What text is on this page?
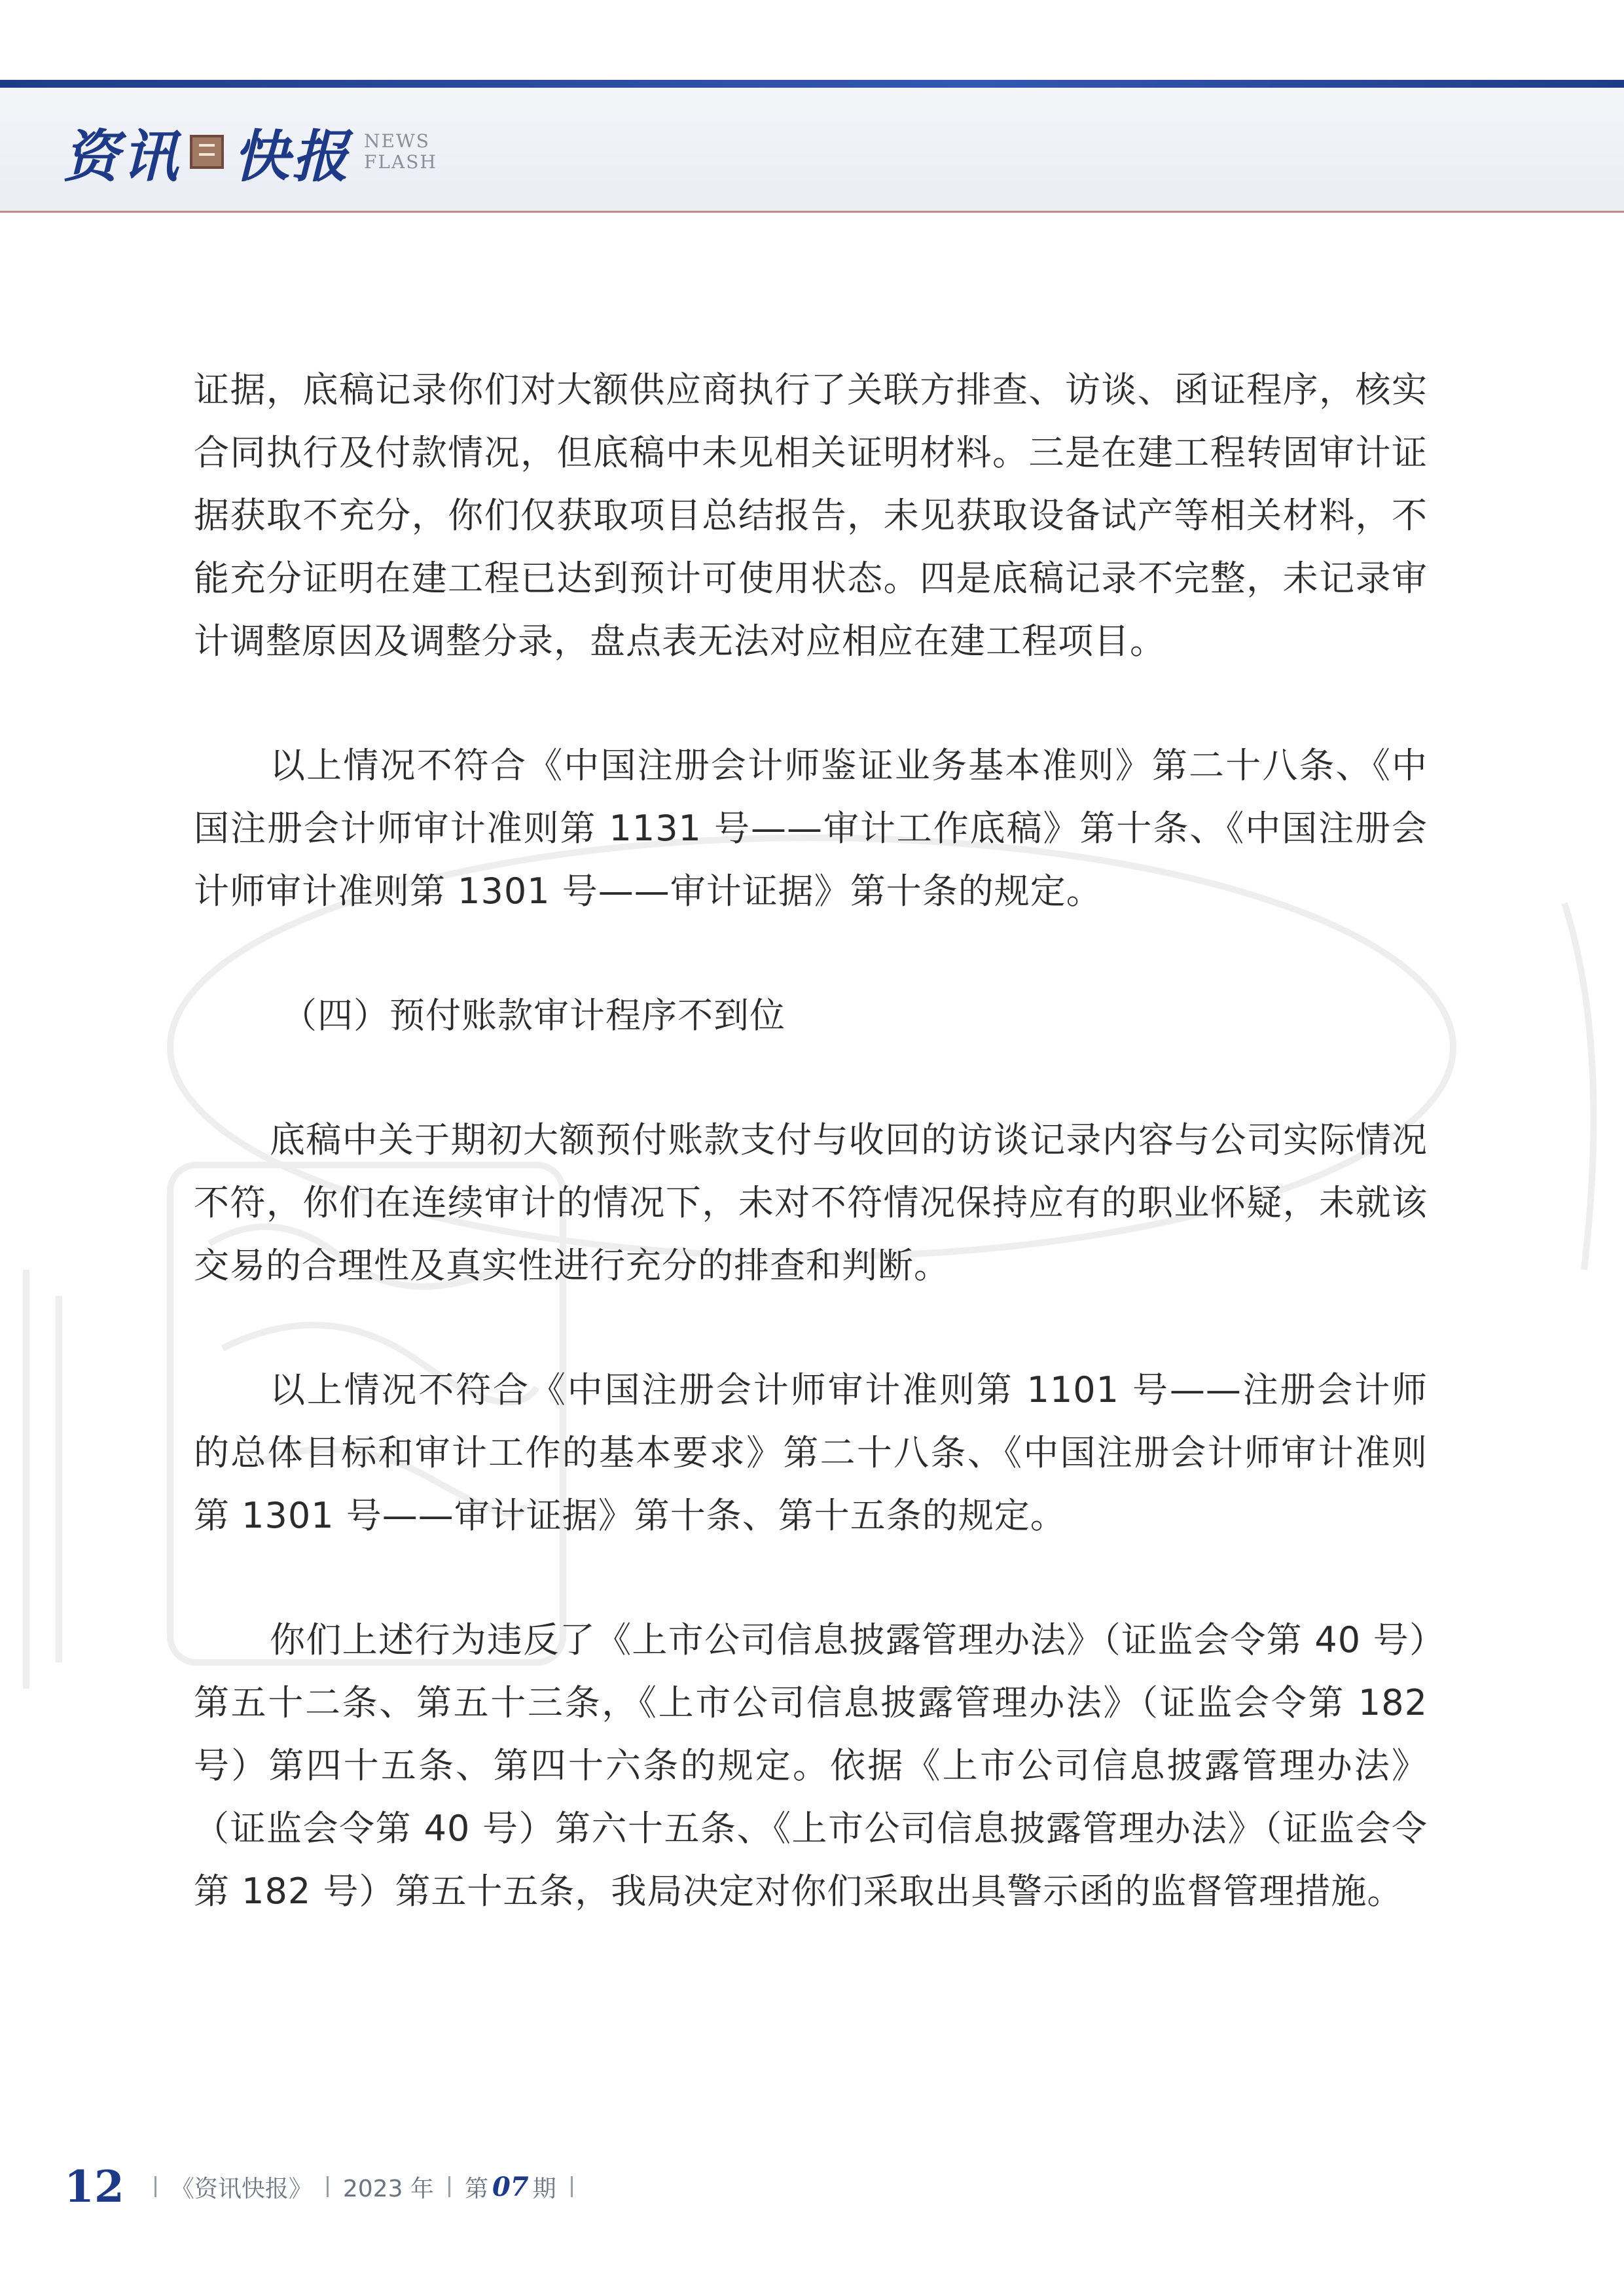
资讯 快报 NEWS
FLASH

证据，底稿记录你们对大额供应商执行了关联方排查、访谈、函证程序，核实合同执行及付款情况，但底稿中未见相关证明材料。三是在建工程转固审计证据获取不充分，你们仅获取项目总结报告，未见获取设备试产等相关材料，不能充分证明在建工程已达到预计可使用状态。四是底稿记录不完整，未记录审计调整原因及调整分录，盘点表无法对应相应在建工程项目。

以上情况不符合《中国注册会计师鉴证业务基本准则》第二十八条、《中国注册会计师审计准则第 1131 号——审计工作底稿》第十条、《中国注册会计师审计准则第 1301 号——审计证据》第十条的规定。

（四）预付账款审计程序不到位

底稿中关于期初大额预付账款支付与收回的访谈记录内容与公司实际情况不符，你们在连续审计的情况下，未对不符情况保持应有的职业怀疑，未就该交易的合理性及真实性进行充分的排查和判断。

以上情况不符合《中国注册会计师审计准则第 1101 号——注册会计师的总体目标和审计工作的基本要求》第二十八条、《中国注册会计师审计准则第 1301 号——审计证据》第十条、第十五条的规定。

你们上述行为违反了《上市公司信息披露管理办法》（证监会令第 40 号）第五十二条、第五十三条，《上市公司信息披露管理办法》（证监会令第 182 号）第四十五条、第四十六条的规定。依据《上市公司信息披露管理办法》（证监会令第 40 号）第六十五条、《上市公司信息披露管理办法》（证监会令第 182 号）第五十五条，我局决定对你们采取出具警示函的监督管理措施。

12 《资讯快报》 2023 年 第 07 期
